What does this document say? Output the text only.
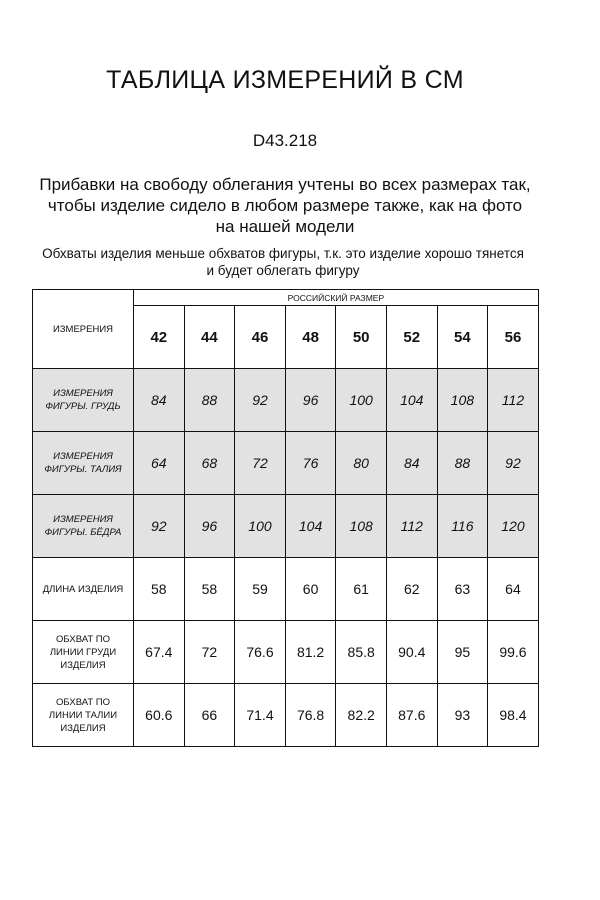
ТАБЛИЦА ИЗМЕРЕНИЙ В СМ
D43.218
Прибавки на свободу облегания учтены во всех размерах так,
чтобы изделие сидело в любом размере также, как на фото
на нашей модели
Обхваты изделия меньше обхватов фигуры, т.к. это изделие хорошо тянется
и будет облегать фигуру
ИЗМЕРЕНИЯ	РОССИЙСКИЙ РАЗМЕР							
	42	44	46	48	50	52	54	56

ИЗМЕРЕНИЯ
ФИГУРЫ. ГРУДЬ	84	88	92	96	100	104	108	112

ИЗМЕРЕНИЯ
ФИГУРЫ. ТАЛИЯ	64	68	72	76	80	84	88	92

ИЗМЕРЕНИЯ
ФИГУРЫ. БЁДРА	92	96	100	104	108	112	116	120

ДЛИНА ИЗДЕЛИЯ	58	58	59	60	61	62	63	64

ОБХВАТ ПО
ЛИНИИ ГРУДИ
ИЗДЕЛИЯ	67.4	72	76.6	81.2	85.8	90.4	95	99.6

ОБХВАТ ПО
ЛИНИИ ТАЛИИ
ИЗДЕЛИЯ	60.6	66	71.4	76.8	82.2	87.6	93	98.4
